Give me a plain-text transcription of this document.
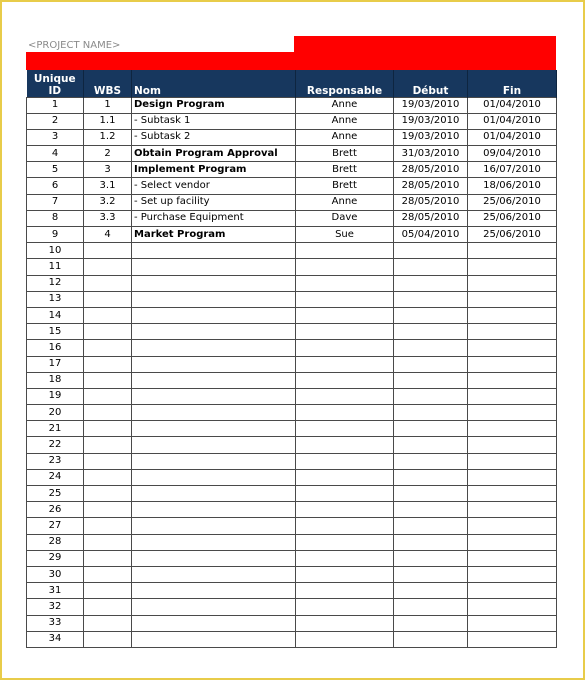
<PROJECT NAME>
Unique ID	WBS	Nom	Responsable	Début	Fin
1	1	Design Program	Anne	19/03/2010	01/04/2010
2	1.1	- Subtask 1	Anne	19/03/2010	01/04/2010
3	1.2	- Subtask 2	Anne	19/03/2010	01/04/2010
4	2	Obtain Program Approval	Brett	31/03/2010	09/04/2010
5	3	Implement Program	Brett	28/05/2010	16/07/2010
6	3.1	- Select vendor	Brett	28/05/2010	18/06/2010
7	3.2	- Set up facility	Anne	28/05/2010	25/06/2010
8	3.3	- Purchase Equipment	Dave	28/05/2010	25/06/2010
9	4	Market Program	Sue	05/04/2010	25/06/2010
10					
11					
12					
13					
14					
15					
16					
17					
18					
19					
20					
21					
22					
23					
24					
25					
26					
27					
28					
29					
30					
31					
32					
33					
34					
